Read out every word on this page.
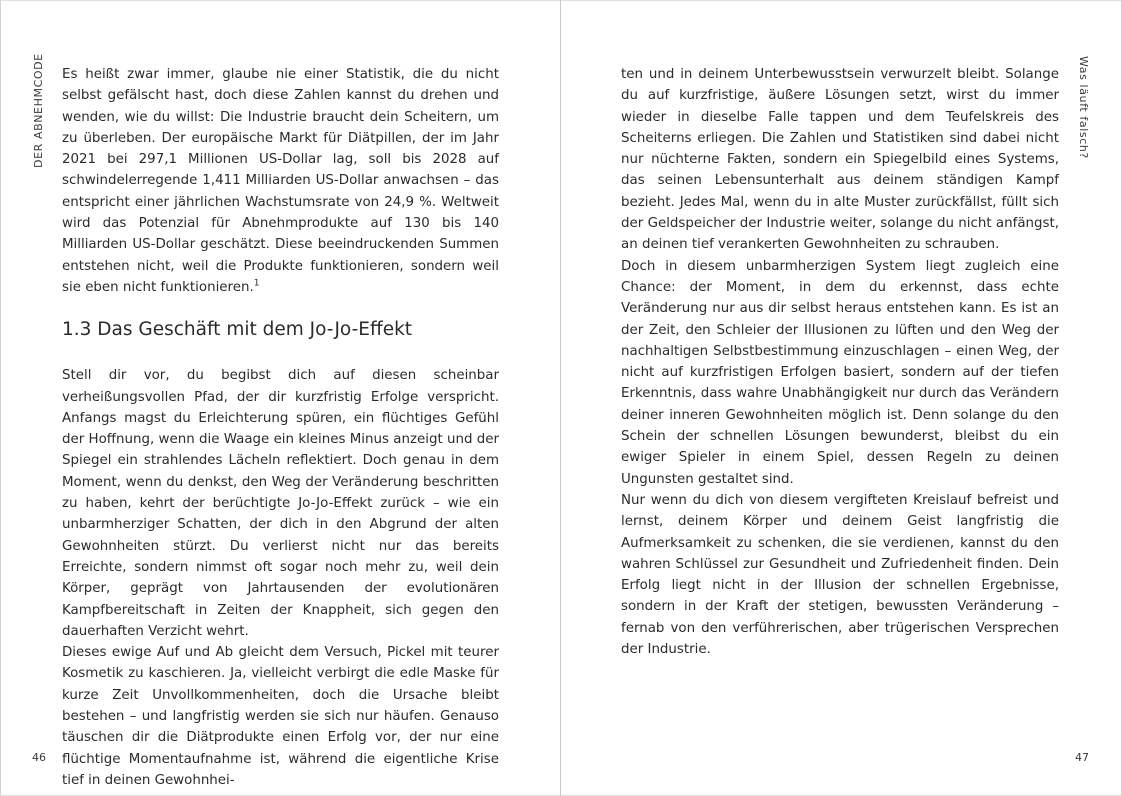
DER ABNEHMCODE	Was läuft falsch?

Es heißt zwar immer, glaube nie einer Statistik, die du nicht selbst gefälscht hast, doch diese Zahlen kannst du drehen und wenden, wie du willst: Die Industrie braucht dein Scheitern, um zu überleben. Der europäische Markt für Diätpillen, der im Jahr 2021 bei 297,1 Millionen US-Dollar lag, soll bis 2028 auf schwindelerregende 1,411 Milliarden US-Dollar anwachsen – das entspricht einer jährlichen Wachstumsrate von 24,9 %. Weltweit wird das Potenzial für Abnehmprodukte auf 130 bis 140 Milliarden US-Dollar geschätzt. Diese beeindruckenden Summen entstehen nicht, weil die Produkte funktionieren, sondern weil sie eben nicht funktionieren.$^1$

1.3 Das Geschäft mit dem Jo-Jo-Effekt

Stell dir vor, du begibst dich auf diesen scheinbar verheißungsvollen Pfad, der dir kurzfristig Erfolge verspricht. Anfangs magst du Erleichterung spüren, ein flüchtiges Gefühl der Hoffnung, wenn die Waage ein kleines Minus anzeigt und der Spiegel ein strahlendes Lächeln reflektiert. Doch genau in dem Moment, wenn du denkst, den Weg der Veränderung beschritten zu haben, kehrt der berüchtigte Jo-Jo-Effekt zurück – wie ein unbarmherziger Schatten, der dich in den Abgrund der alten Gewohnheiten stürzt. Du verlierst nicht nur das bereits Erreichte, sondern nimmst oft sogar noch mehr zu, weil dein Körper, geprägt von Jahrtausenden der evolutionären Kampfbereitschaft in Zeiten der Knappheit, sich gegen den dauerhaften Verzicht wehrt.

Dieses ewige Auf und Ab gleicht dem Versuch, Pickel mit teurer Kosmetik zu kaschieren. Ja, vielleicht verbirgt die edle Maske für kurze Zeit Unvollkommenheiten, doch die Ursache bleibt bestehen – und langfristig werden sie sich nur häufen. Genauso täuschen dir die Diätprodukte einen Erfolg vor, der nur eine flüchtige Momentaufnahme ist, während die eigentliche Krise tief in deinen Gewohnhei-

ten und in deinem Unterbewusstsein verwurzelt bleibt. Solange du auf kurzfristige, äußere Lösungen setzt, wirst du immer wieder in dieselbe Falle tappen und dem Teufelskreis des Scheiterns erliegen. Die Zahlen und Statistiken sind dabei nicht nur nüchterne Fakten, sondern ein Spiegelbild eines Systems, das seinen Lebensunterhalt aus deinem ständigen Kampf bezieht. Jedes Mal, wenn du in alte Muster zurückfällst, füllt sich der Geldspeicher der Industrie weiter, solange du nicht anfängst, an deinen tief verankerten Gewohnheiten zu schrauben.

Doch in diesem unbarmherzigen System liegt zugleich eine Chance: der Moment, in dem du erkennst, dass echte Veränderung nur aus dir selbst heraus entstehen kann. Es ist an der Zeit, den Schleier der Illusionen zu lüften und den Weg der nachhaltigen Selbstbestimmung einzuschlagen – einen Weg, der nicht auf kurzfristigen Erfolgen basiert, sondern auf der tiefen Erkenntnis, dass wahre Unabhängigkeit nur durch das Verändern deiner inneren Gewohnheiten möglich ist. Denn solange du den Schein der schnellen Lösungen bewunderst, bleibst du ein ewiger Spieler in einem Spiel, dessen Regeln zu deinen Ungunsten gestaltet sind.

Nur wenn du dich von diesem vergifteten Kreislauf befreist und lernst, deinem Körper und deinem Geist langfristig die Aufmerksamkeit zu schenken, die sie verdienen, kannst du den wahren Schlüssel zur Gesundheit und Zufriedenheit finden. Dein Erfolg liegt nicht in der Illusion der schnellen Ergebnisse, sondern in der Kraft der stetigen, bewussten Veränderung – fernab von den verführerischen, aber trügerischen Versprechen der Industrie.

46	47
